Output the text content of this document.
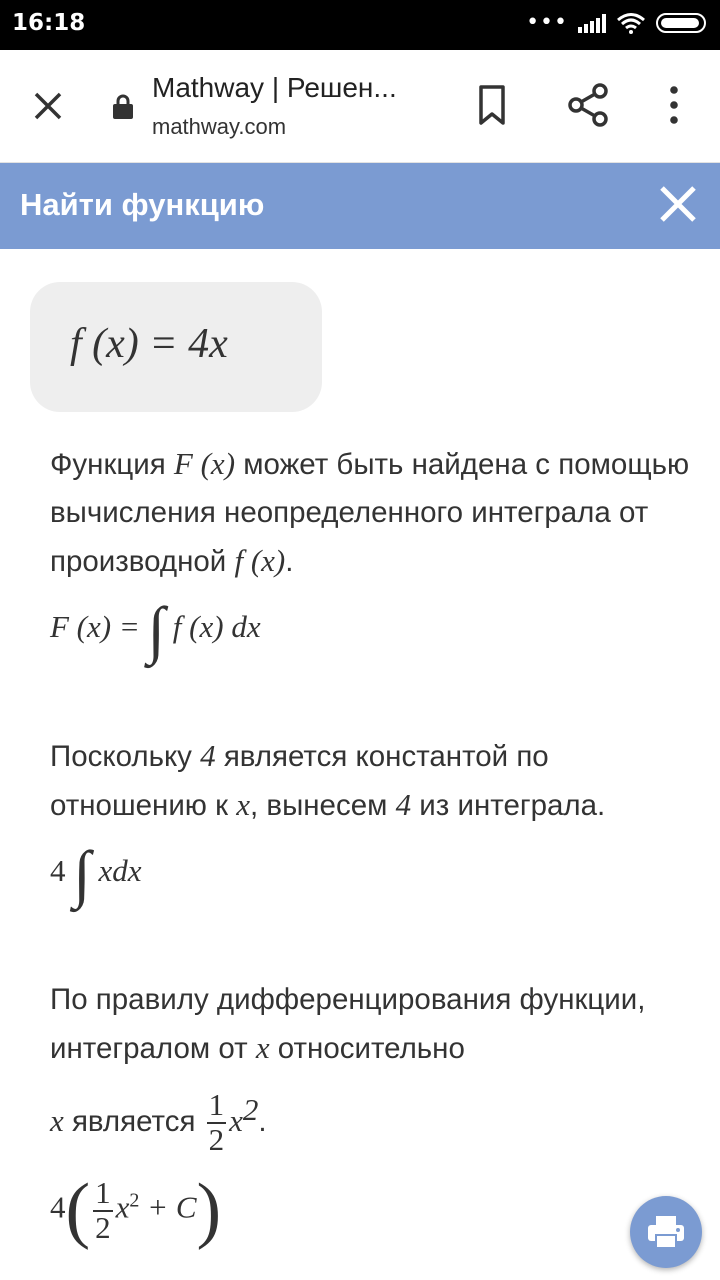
16:18	•••
Mathway | Решен...
mathway.com
Найти функцию
f (x) = 4x
Функция F (x) может быть найдена с помощью вычисления неопределенного интеграла от производной f (x).
F (x) = ∫ f (x) dx
Поскольку 4 является константой по отношению к x, вынесем 4 из интеграла.
4 ∫ xdx
По правилу дифференцирования функции, интегралом от x относительно
x является $\frac{1}{2} x^2$.
$4( \frac{1}{2} x^2 + C)$
